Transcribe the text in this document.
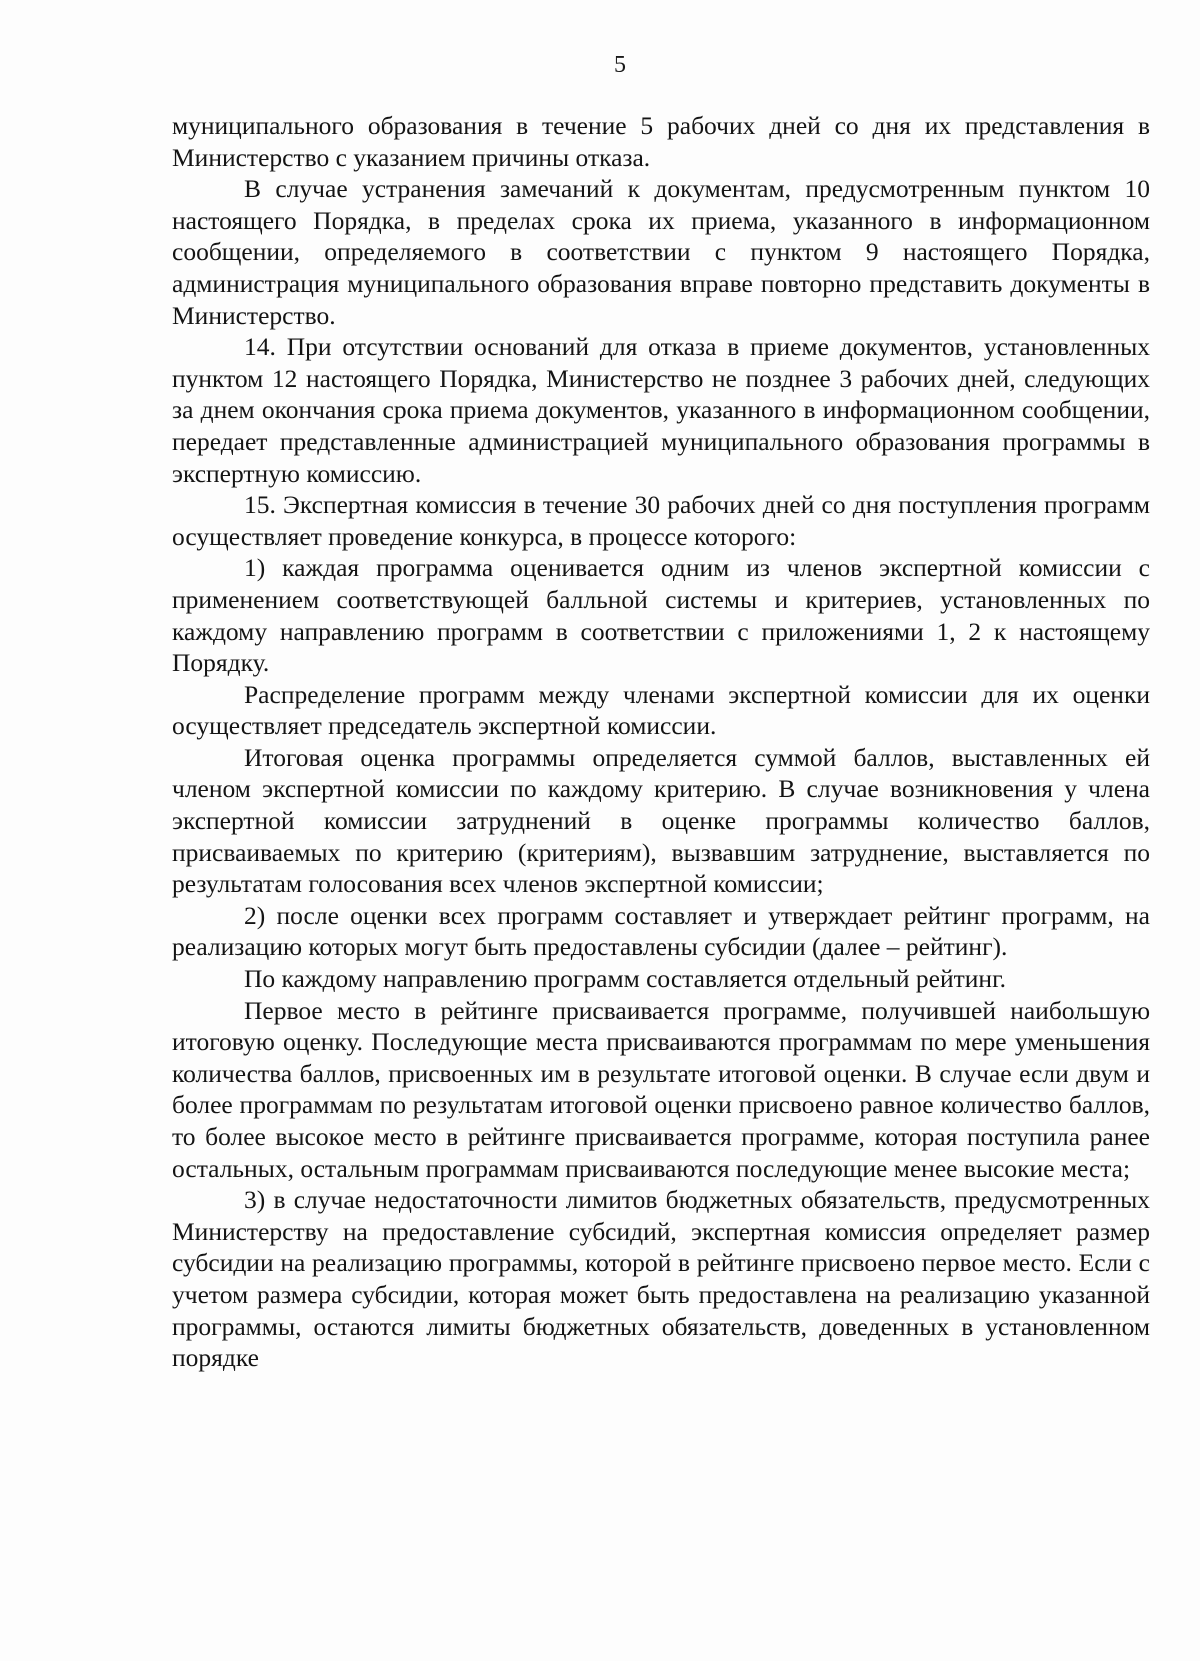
5

муниципального образования в течение 5 рабочих дней со дня их представления в Министерство с указанием причины отказа.

В случае устранения замечаний к документам, предусмотренным пунктом 10 настоящего Порядка, в пределах срока их приема, указанного в информационном сообщении, определяемого в соответствии с пунктом 9 настоящего Порядка, администрация муниципального образования вправе повторно представить документы в Министерство.

14. При отсутствии оснований для отказа в приеме документов, установленных пунктом 12 настоящего Порядка, Министерство не позднее 3 рабочих дней, следующих за днем окончания срока приема документов, указанного в информационном сообщении, передает представленные администрацией муниципального образования программы в экспертную комиссию.

15. Экспертная комиссия в течение 30 рабочих дней со дня поступления программ осуществляет проведение конкурса, в процессе которого:

1) каждая программа оценивается одним из членов экспертной комиссии с применением соответствующей балльной системы и критериев, установленных по каждому направлению программ в соответствии с приложениями 1, 2 к настоящему Порядку.

Распределение программ между членами экспертной комиссии для их оценки осуществляет председатель экспертной комиссии.

Итоговая оценка программы определяется суммой баллов, выставленных ей членом экспертной комиссии по каждому критерию. В случае возникновения у члена экспертной комиссии затруднений в оценке программы количество баллов, присваиваемых по критерию (критериям), вызвавшим затруднение, выставляется по результатам голосования всех членов экспертной комиссии;

2) после оценки всех программ составляет и утверждает рейтинг программ, на реализацию которых могут быть предоставлены субсидии (далее – рейтинг).

По каждому направлению программ составляется отдельный рейтинг.

Первое место в рейтинге присваивается программе, получившей наибольшую итоговую оценку. Последующие места присваиваются программам по мере уменьшения количества баллов, присвоенных им в результате итоговой оценки. В случае если двум и более программам по результатам итоговой оценки присвоено равное количество баллов, то более высокое место в рейтинге присваивается программе, которая поступила ранее остальных, остальным программам присваиваются последующие менее высокие места;

3) в случае недостаточности лимитов бюджетных обязательств, предусмотренных Министерству на предоставление субсидий, экспертная комиссия определяет размер субсидии на реализацию программы, которой в рейтинге присвоено первое место. Если с учетом размера субсидии, которая может быть предоставлена на реализацию указанной программы, остаются лимиты бюджетных обязательств, доведенных в установленном порядке
